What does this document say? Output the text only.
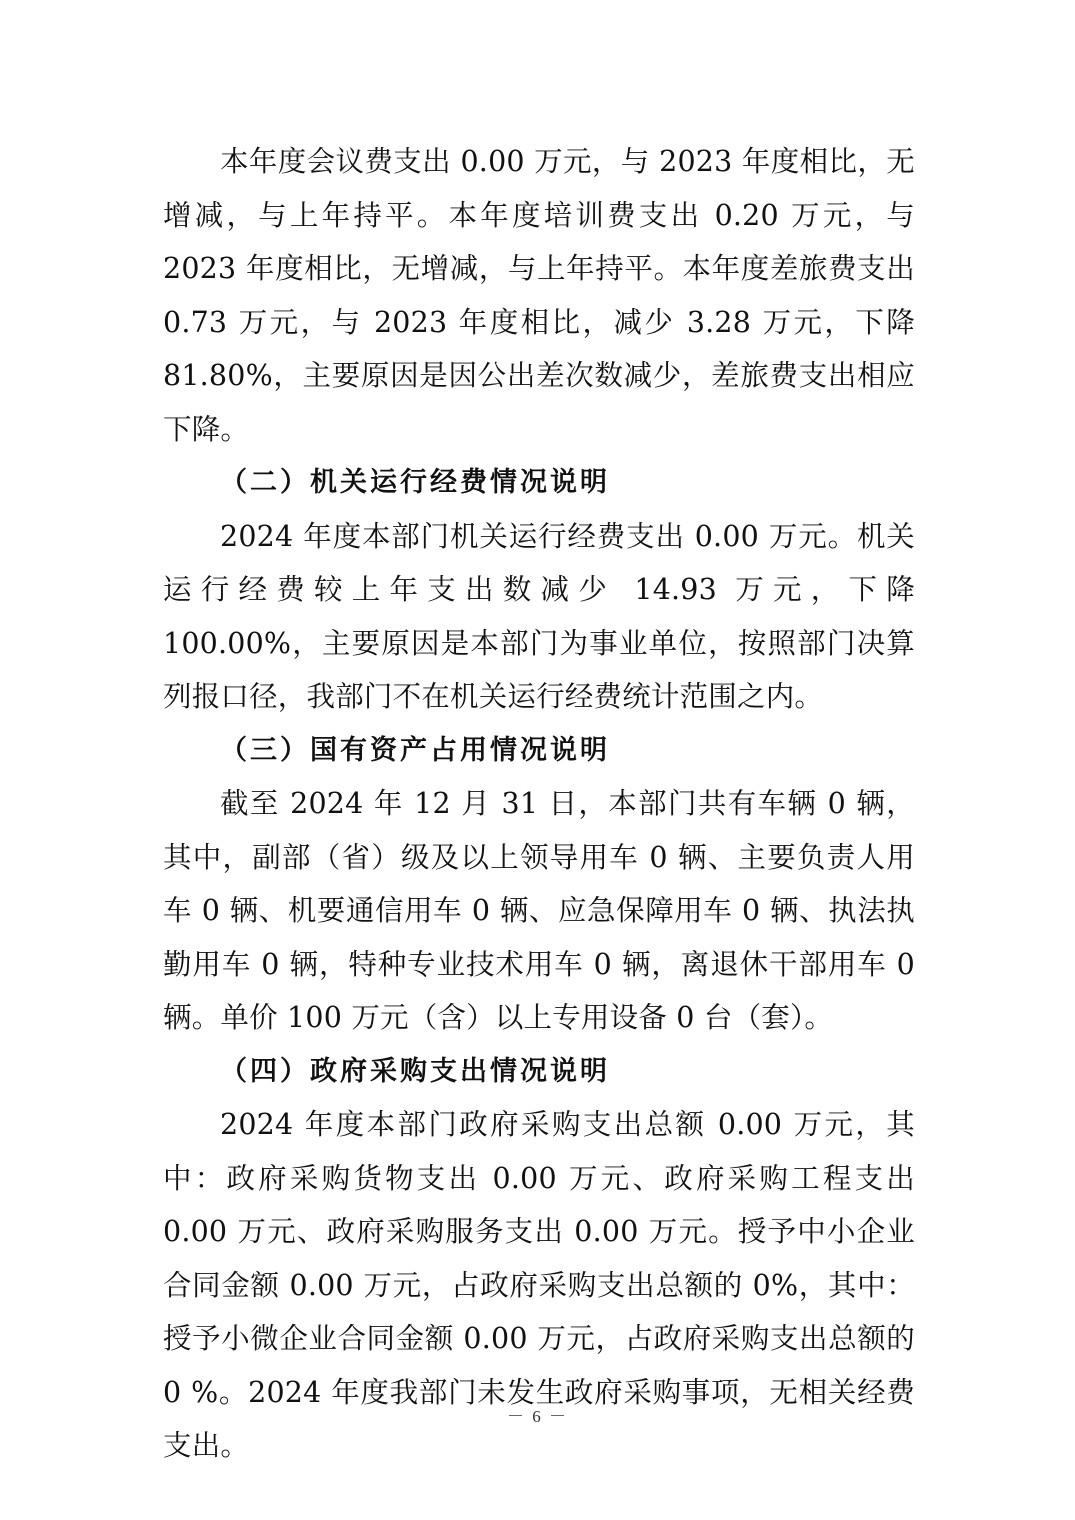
本年度会议费支出 0.00 万元，与 2023 年度相比，无增减，与上年持平。本年度培训费支出 0.20 万元，与 2023 年度相比，无增减，与上年持平。本年度差旅费支出 0.73 万元，与 2023 年度相比，减少 3.28 万元，下降 81.80%，主要原因是因公出差次数减少，差旅费支出相应下降。

（二）机关运行经费情况说明

2024 年度本部门机关运行经费支出 0.00 万元。机关运行经费较上年支出数减少 14.93 万元，下降 100.00%，主要原因是本部门为事业单位，按照部门决算列报口径，我部门不在机关运行经费统计范围之内。

（三）国有资产占用情况说明

截至 2024 年 12 月 31 日，本部门共有车辆 0 辆，其中，副部（省）级及以上领导用车 0 辆、主要负责人用车 0 辆、机要通信用车 0 辆、应急保障用车 0 辆、执法执勤用车 0 辆，特种专业技术用车 0 辆，离退休干部用车 0 辆。单价 100 万元（含）以上专用设备 0 台（套）。

（四）政府采购支出情况说明

2024 年度本部门政府采购支出总额 0.00 万元，其中：政府采购货物支出 0.00 万元、政府采购工程支出 0.00 万元、政府采购服务支出 0.00 万元。授予中小企业合同金额 0.00 万元，占政府采购支出总额的 0%，其中：授予小微企业合同金额 0.00 万元，占政府采购支出总额的 0 %。2024 年度我部门未发生政府采购事项，无相关经费支出。

－ 6 －
